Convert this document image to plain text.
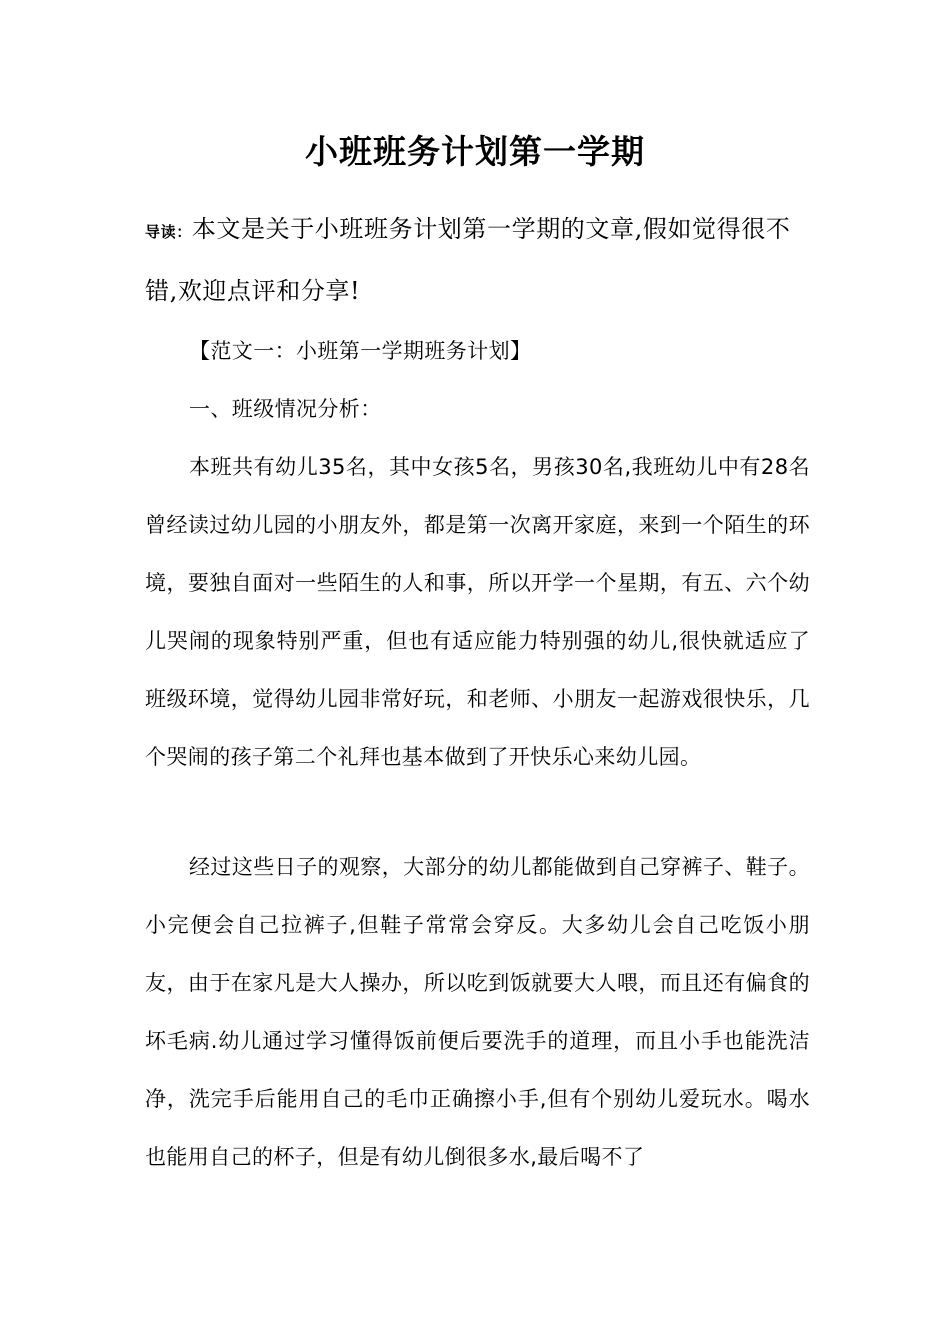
小班班务计划第一学期

导读：本文是关于小班班务计划第一学期的文章,假如觉得很不错,欢迎点评和分享!

【范文一：小班第一学期班务计划】

一、班级情况分析：

本班共有幼儿35名，其中女孩5名，男孩30名,我班幼儿中有28名曾经读过幼儿园的小朋友外，都是第一次离开家庭，来到一个陌生的环境，要独自面对一些陌生的人和事，所以开学一个星期，有五、六个幼儿哭闹的现象特别严重，但也有适应能力特别强的幼儿,很快就适应了班级环境，觉得幼儿园非常好玩，和老师、小朋友一起游戏很快乐，几个哭闹的孩子第二个礼拜也基本做到了开快乐心来幼儿园。

经过这些日子的观察，大部分的幼儿都能做到自己穿裤子、鞋子。小完便会自己拉裤子,但鞋子常常会穿反。大多幼儿会自己吃饭小朋友，由于在家凡是大人操办，所以吃到饭就要大人喂，而且还有偏食的坏毛病.幼儿通过学习懂得饭前便后要洗手的道理，而且小手也能洗洁净，洗完手后能用自己的毛巾正确擦小手,但有个别幼儿爱玩水。喝水也能用自己的杯子，但是有幼儿倒很多水,最后喝不了
